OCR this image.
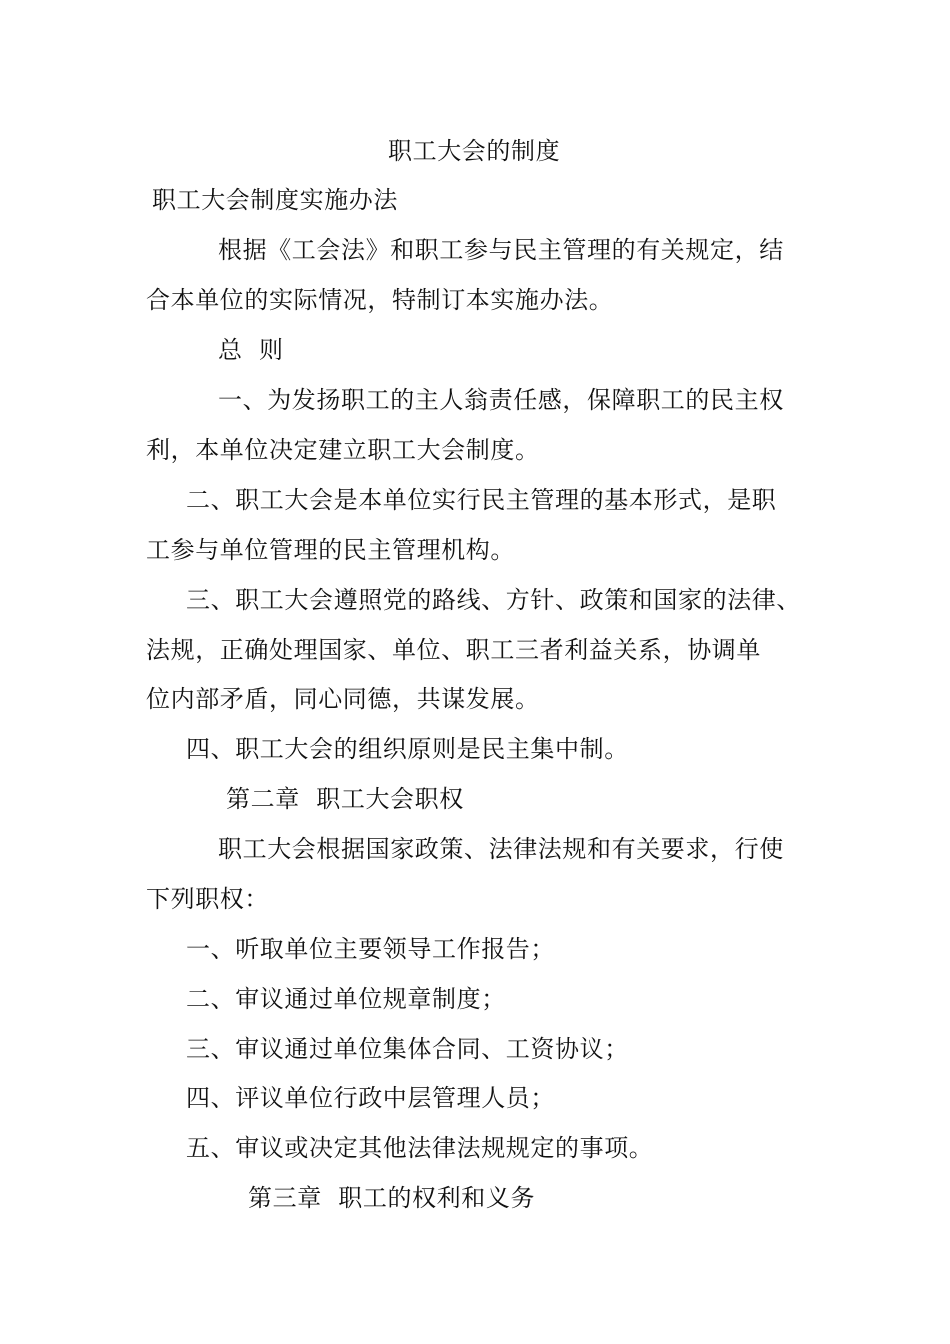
职工大会的制度
职工大会制度实施办法
根据《工会法》和职工参与民主管理的有关规定，结
合本单位的实际情况，特制订本实施办法。
总  则
一、为发扬职工的主人翁责任感，保障职工的民主权
利，本单位决定建立职工大会制度。
二、职工大会是本单位实行民主管理的基本形式，是职
工参与单位管理的民主管理机构。
三、职工大会遵照党的路线、方针、政策和国家的法律、
法规，正确处理国家、单位、职工三者利益关系，协调单
位内部矛盾，同心同德，共谋发展。
四、职工大会的组织原则是民主集中制。
第二章  职工大会职权
职工大会根据国家政策、法律法规和有关要求，行使
下列职权：
一、听取单位主要领导工作报告；
二、审议通过单位规章制度；
三、审议通过单位集体合同、工资协议；
四、评议单位行政中层管理人员；
五、审议或决定其他法律法规规定的事项。
第三章  职工的权利和义务
